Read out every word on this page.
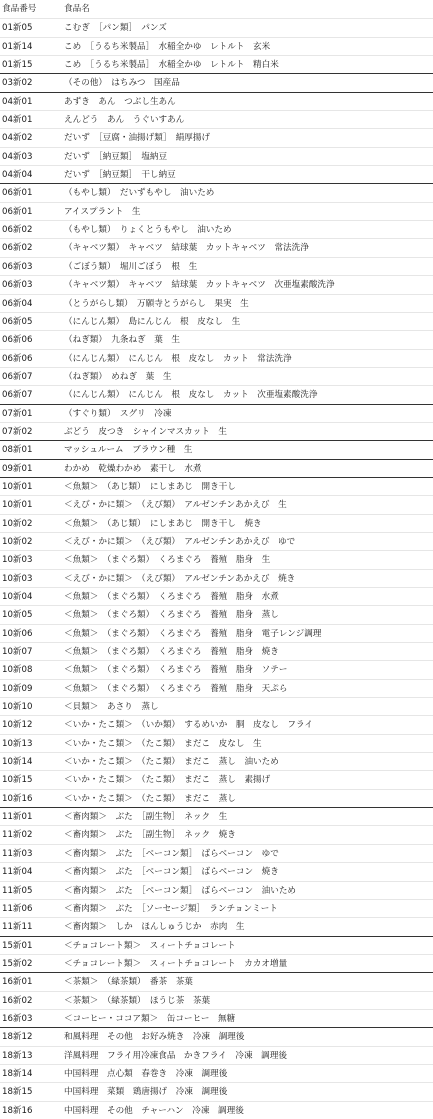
食品番号	食品名
01新05	こむぎ　［パン類］　パンズ
01新14	こめ　［うるち米製品］　水稲全かゆ　レトルト　玄米
01新15	こめ　［うるち米製品］　水稲全かゆ　レトルト　精白米
03新02	（その他）　はちみつ　国産品
04新01	あずき　あん　つぶし生あん
04新01	えんどう　あん　うぐいすあん
04新02	だいず　［豆腐・油揚げ類］　絹厚揚げ
04新03	だいず　［納豆類］　塩納豆
04新04	だいず　［納豆類］　干し納豆
06新01	（もやし類）　だいずもやし　油いため
06新01	アイスプラント　生
06新02	（もやし類）　りょくとうもやし　油いため
06新02	（キャベツ類）　キャベツ　結球葉　カットキャベツ　常法洗浄
06新03	（ごぼう類）　堀川ごぼう　根　生
06新03	（キャベツ類）　キャベツ　結球葉　カットキャベツ　次亜塩素酸洗浄
06新04	（とうがらし類）　万願寺とうがらし　果実　生
06新05	（にんじん類）　島にんじん　根　皮なし　生
06新06	（ねぎ類）　九条ねぎ　葉　生
06新06	（にんじん類）　にんじん　根　皮なし　カット　常法洗浄
06新07	（ねぎ類）　めねぎ　葉　生
06新07	（にんじん類）　にんじん　根　皮なし　カット　次亜塩素酸洗浄
07新01	（すぐり類）　スグリ　冷凍
07新02	ぶどう　皮つき　シャインマスカット　生
08新01	マッシュルーム　ブラウン種　生
09新01	わかめ　乾燥わかめ　素干し　水煮
10新01	＜魚類＞　（あじ類）　にしまあじ　開き干し
10新01	＜えび・かに類＞　（えび類）　アルゼンチンあかえび　生
10新02	＜魚類＞　（あじ類）　にしまあじ　開き干し　焼き
10新02	＜えび・かに類＞　（えび類）　アルゼンチンあかえび　ゆで
10新03	＜魚類＞　（まぐろ類）　くろまぐろ　養殖　脂身　生
10新03	＜えび・かに類＞　（えび類）　アルゼンチンあかえび　焼き
10新04	＜魚類＞　（まぐろ類）　くろまぐろ　養殖　脂身　水煮
10新05	＜魚類＞　（まぐろ類）　くろまぐろ　養殖　脂身　蒸し
10新06	＜魚類＞　（まぐろ類）　くろまぐろ　養殖　脂身　電子レンジ調理
10新07	＜魚類＞　（まぐろ類）　くろまぐろ　養殖　脂身　焼き
10新08	＜魚類＞　（まぐろ類）　くろまぐろ　養殖　脂身　ソテー
10新09	＜魚類＞　（まぐろ類）　くろまぐろ　養殖　脂身　天ぷら
10新10	＜貝類＞　あさり　蒸し
10新12	＜いか・たこ類＞　（いか類）　するめいか　胴　皮なし　フライ
10新13	＜いか・たこ類＞　（たこ類）　まだこ　皮なし　生
10新14	＜いか・たこ類＞　（たこ類）　まだこ　蒸し　油いため
10新15	＜いか・たこ類＞　（たこ類）　まだこ　蒸し　素揚げ
10新16	＜いか・たこ類＞　（たこ類）　まだこ　蒸し
11新01	＜畜肉類＞　ぶた　［副生物］　ネック　生
11新02	＜畜肉類＞　ぶた　［副生物］　ネック　焼き
11新03	＜畜肉類＞　ぶた　［ベーコン類］　ばらベーコン　ゆで
11新04	＜畜肉類＞　ぶた　［ベーコン類］　ばらベーコン　焼き
11新05	＜畜肉類＞　ぶた　［ベーコン類］　ばらベーコン　油いため
11新06	＜畜肉類＞　ぶた　［ソーセージ類］　ランチョンミート
11新11	＜畜肉類＞　しか　ほんしゅうじか　赤肉　生
15新01	＜チョコレート類＞　スィートチョコレート
15新02	＜チョコレート類＞　スィートチョコレート　カカオ増量
16新01	＜茶類＞　（緑茶類）　番茶　茶葉
16新02	＜茶類＞　（緑茶類）　ほうじ茶　茶葉
16新03	＜コーヒー・ココア類＞　缶コーヒー　無糖
18新12	和風料理　その他　お好み焼き　冷凍　調理後
18新13	洋風料理　フライ用冷凍食品　かきフライ　冷凍　調理後
18新14	中国料理　点心類　春巻き　冷凍　調理後
18新15	中国料理　菜類　鶏唐揚げ　冷凍　調理後
18新16	中国料理　その他　チャーハン　冷凍　調理後
